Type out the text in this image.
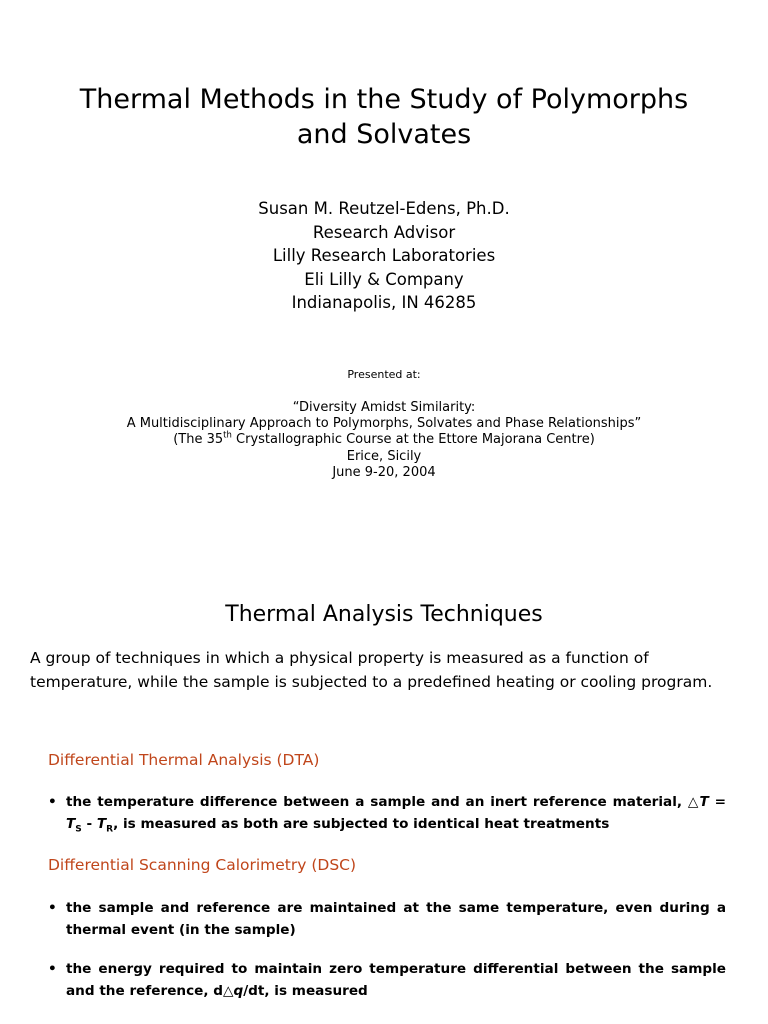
Thermal Methods in the Study of Polymorphs
and Solvates
Susan M. Reutzel-Edens, Ph.D.
Research Advisor
Lilly Research Laboratories
Eli Lilly & Company
Indianapolis, IN 46285
Presented at:
“Diversity Amidst Similarity:
A Multidisciplinary Approach to Polymorphs, Solvates and Phase Relationships”
(The 35th Crystallographic Course at the Ettore Majorana Centre)
Erice, Sicily
June 9-20, 2004
Thermal Analysis Techniques
A group of techniques in which a physical property is measured as a function of temperature, while the sample is subjected to a predefined heating or cooling program.
Differential Thermal Analysis (DTA)
• the temperature difference between a sample and an inert reference material, △T = $T_S - T_R$, is measured as both are subjected to identical heat treatments
Differential Scanning Calorimetry (DSC)
• the sample and reference are maintained at the same temperature, even during a thermal event (in the sample)
• the energy required to maintain zero temperature differential between the sample and the reference, d△q/dt, is measured
